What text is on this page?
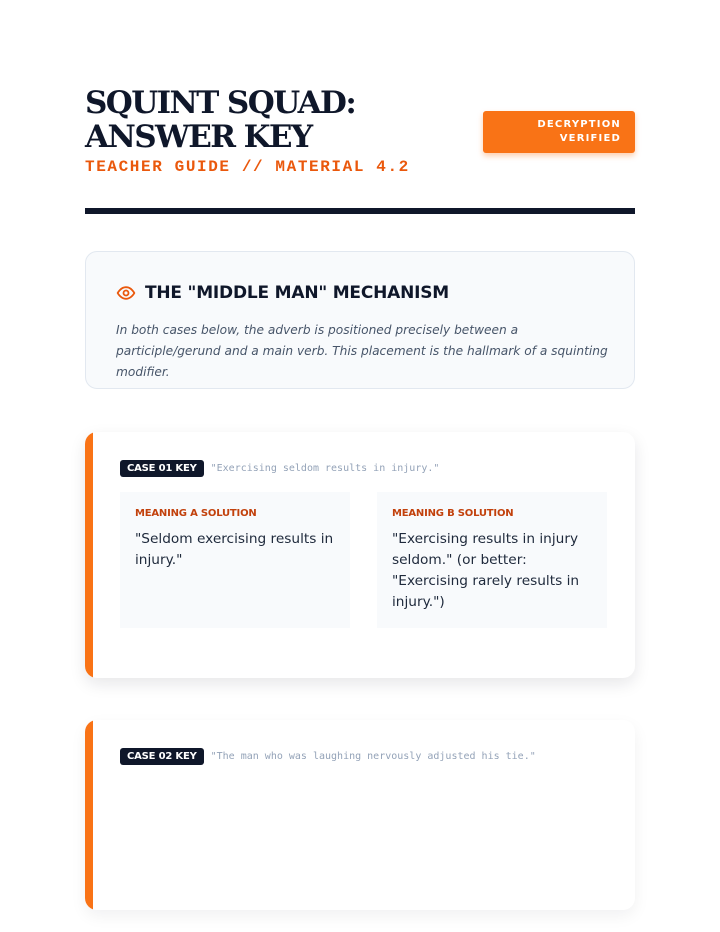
SQUINT SQUAD: ANSWER KEY
TEACHER GUIDE // MATERIAL 4.2
DECRYPTION
VERIFIED
THE "MIDDLE MAN" MECHANISM
In both cases below, the adverb is positioned precisely between a participle/gerund and a main verb. This placement is the hallmark of a squinting modifier.
CASE 01 KEY	"Exercising seldom results in injury."
MEANING A SOLUTION
"Seldom exercising results in injury."
MEANING B SOLUTION
"Exercising results in injury seldom." (or better: "Exercising rarely results in injury.")
CASE 02 KEY	"The man who was laughing nervously adjusted his tie."
